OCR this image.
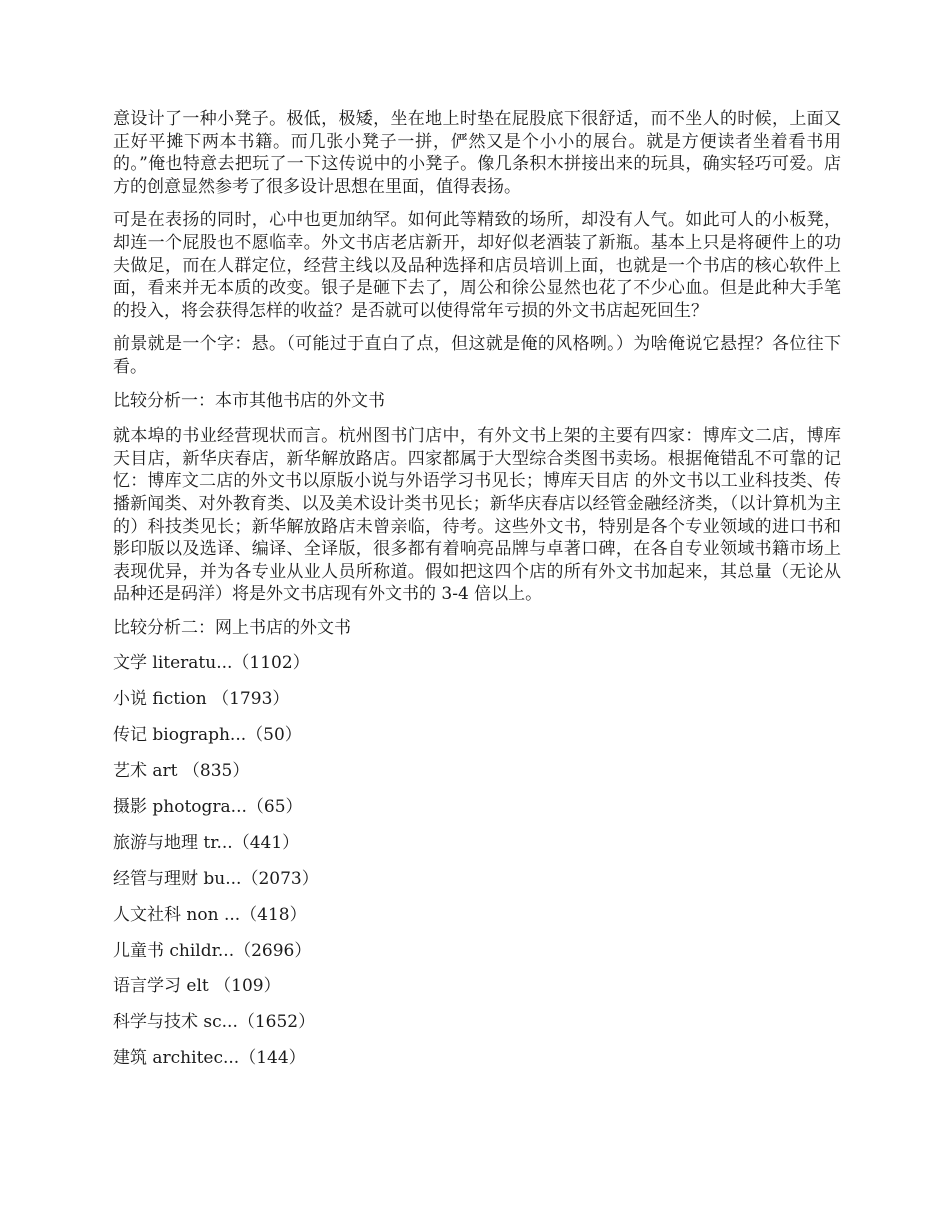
意设计了一种小凳子。极低，极矮，坐在地上时垫在屁股底下很舒适，而不坐人的时候，上面又正好平摊下两本书籍。而几张小凳子一拼，俨然又是个小小的展台。就是方便读者坐着看书用的。”俺也特意去把玩了一下这传说中的小凳子。像几条积木拼接出来的玩具，确实轻巧可爱。店方的创意显然参考了很多设计思想在里面，值得表扬。

可是在表扬的同时，心中也更加纳罕。如何此等精致的场所，却没有人气。如此可人的小板凳，却连一个屁股也不愿临幸。外文书店老店新开，却好似老酒装了新瓶。基本上只是将硬件上的功夫做足，而在人群定位，经营主线以及品种选择和店员培训上面，也就是一个书店的核心软件上面，看来并无本质的改变。银子是砸下去了，周公和徐公显然也花了不少心血。但是此种大手笔的投入，将会获得怎样的收益？是否就可以使得常年亏损的外文书店起死回生？

前景就是一个字：悬。（可能过于直白了点，但这就是俺的风格咧。）为啥俺说它悬捏？各位往下看。

比较分析一：本市其他书店的外文书

就本埠的书业经营现状而言。杭州图书门店中，有外文书上架的主要有四家：博库文二店，博库天目店，新华庆春店，新华解放路店。四家都属于大型综合类图书卖场。根据俺错乱不可靠的记忆：博库文二店的外文书以原版小说与外语学习书见长；博库天目店 的外文书以工业科技类、传播新闻类、对外教育类、以及美术设计类书见长；新华庆春店以经管金融经济类，（以计算机为主的）科技类见长；新华解放路店未曾亲临，待考。这些外文书，特别是各个专业领域的进口书和影印版以及选译、编译、全译版，很多都有着响亮品牌与卓著口碑，在各自专业领域书籍市场上表现优异，并为各专业从业人员所称道。假如把这四个店的所有外文书加起来，其总量（无论从品种还是码洋）将是外文书店现有外文书的 3-4 倍以上。

比较分析二：网上书店的外文书

文学 literatu...（1102）
小说 fiction （1793）
传记 biograph...（50）
艺术 art （835）
摄影 photogra...（65）
旅游与地理 tr...（441）
经管与理财 bu...（2073）
人文社科 non ...（418）
儿童书 childr...（2696）
语言学习 elt （109）
科学与技术 sc...（1652）
建筑 architec...（144）
